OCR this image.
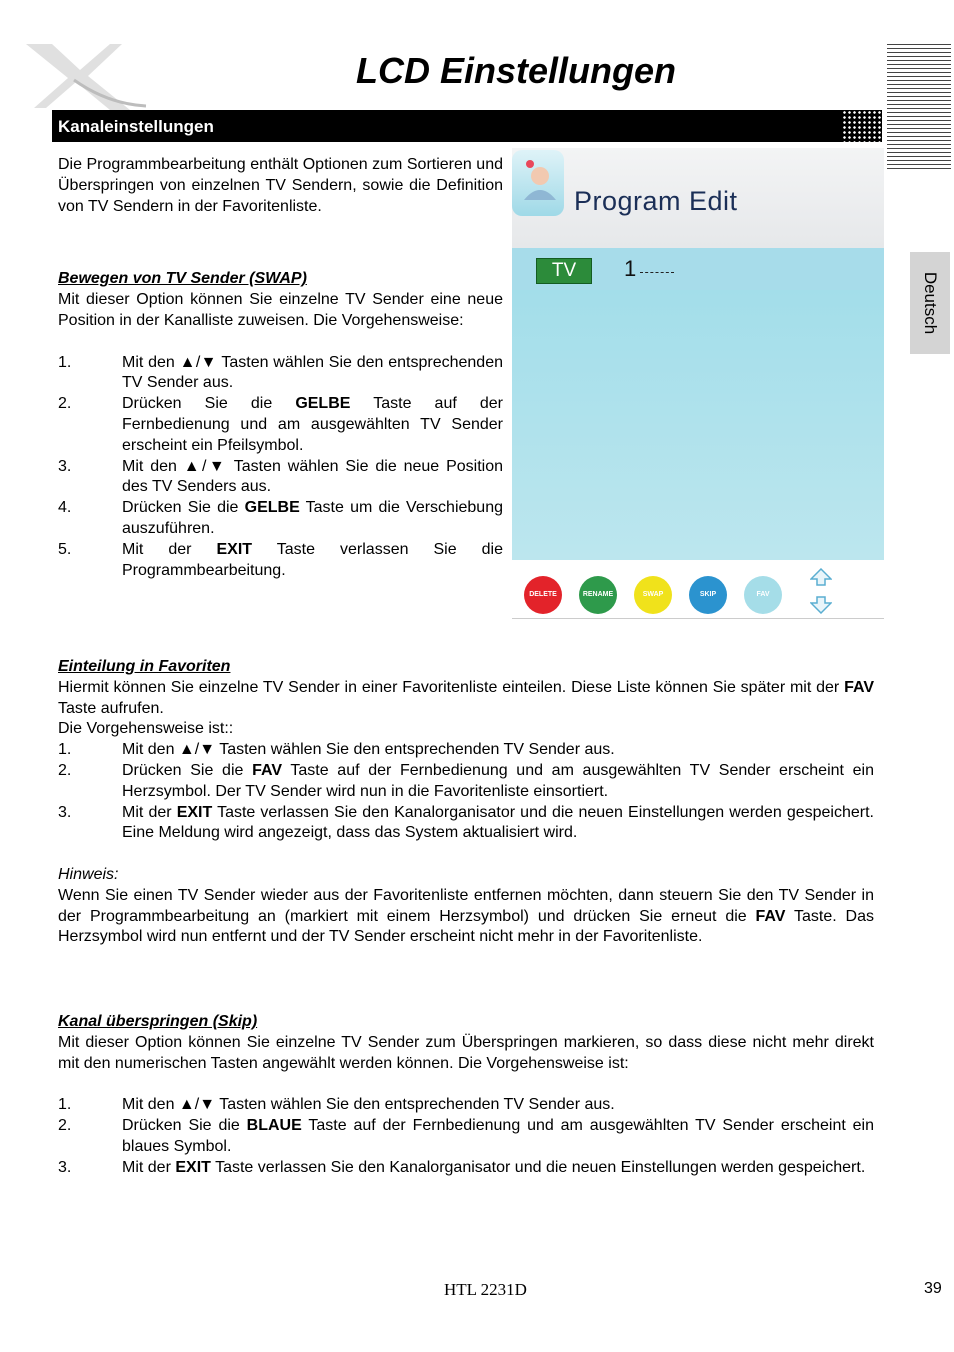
LCD Einstellungen
Deutsch
Kanaleinstellungen

Die Programmbearbeitung enthält Optionen zum Sortieren und Überspringen von einzelnen TV Sendern, sowie die Definition von TV Sendern in der Favoritenliste.

Bewegen von TV Sender (SWAP)

Mit dieser Option können Sie einzelne TV Sender eine neue Position in der Kanalliste zuweisen. Die Vorgehensweise:

1.	Mit den ▲/▼ Tasten wählen Sie den entsprechenden TV Sender aus.
2.	Drücken Sie die GELBE Taste auf der Fernbedienung und am ausgewählten TV Sender erscheint ein Pfeilsymbol.
3.	Mit den ▲/▼ Tasten wählen Sie die neue Position des TV Senders aus.
4.	Drücken Sie die GELBE Taste um die Verschiebung auszuführen.
5.	Mit der EXIT Taste verlassen Sie die Programmbearbeitung.
Program Edit
TV	1
DELETE	RENAME	SWAP	SKIP	FAV

Einteilung in Favoriten

Hiermit können Sie einzelne TV Sender in einer Favoritenliste einteilen. Diese Liste können Sie später mit der FAV Taste aufrufen.

Die Vorgehensweise ist::

1.	Mit den ▲/▼ Tasten wählen Sie den entsprechenden TV Sender aus.
2.	Drücken Sie die FAV Taste auf der Fernbedienung und am ausgewählten TV Sender erscheint ein Herzsymbol. Der TV Sender wird nun in die Favoritenliste einsortiert.
3.	Mit der EXIT Taste verlassen Sie den Kanalorganisator und die neuen Einstellungen werden gespeichert. Eine Meldung wird angezeigt, dass das System aktualisiert wird.

Hinweis:

Wenn Sie einen TV Sender wieder aus der Favoritenliste entfernen möchten, dann steuern Sie den TV Sender in der Programmbearbeitung an (markiert mit einem Herzsymbol) und drücken Sie erneut die FAV Taste. Das Herzsymbol wird nun entfernt und der TV Sender erscheint nicht mehr in der Favoritenliste.

Kanal überspringen (Skip)

Mit dieser Option können Sie einzelne TV Sender zum Überspringen markieren, so dass diese nicht mehr direkt mit den numerischen Tasten angewählt werden können. Die Vorgehensweise ist:

1.	Mit den ▲/▼ Tasten wählen Sie den entsprechenden TV Sender aus.
2.	Drücken Sie die BLAUE Taste auf der Fernbedienung und am ausgewählten TV Sender erscheint ein blaues Symbol.
3.	Mit der EXIT Taste verlassen Sie den Kanalorganisator und die neuen Einstellungen werden gespeichert.
HTL 2231D	39
